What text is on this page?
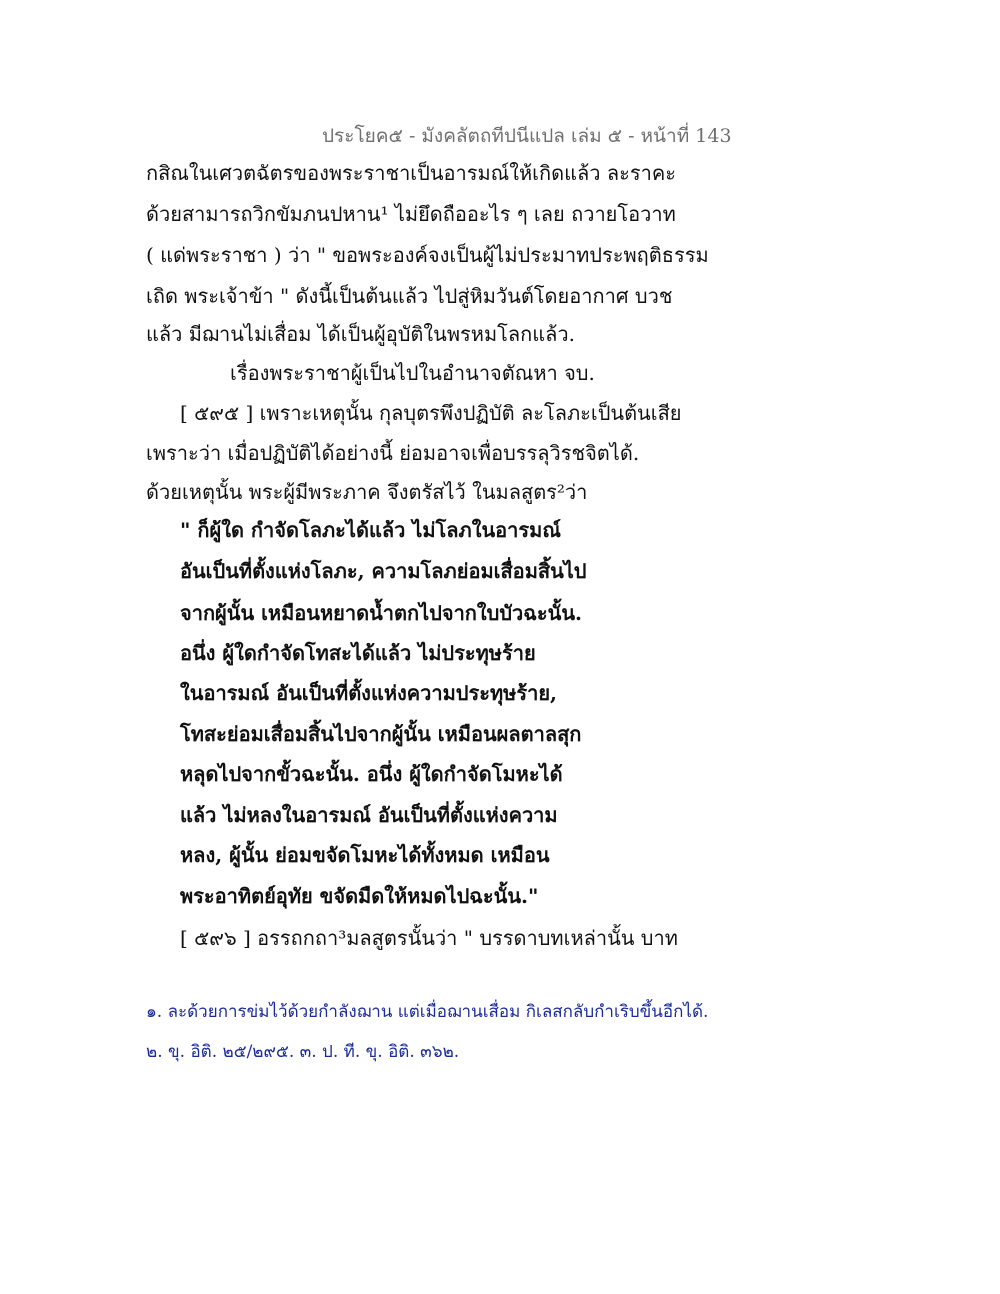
ประโยค๕ - มังคลัตถทีปนีแปล เล่ม ๕ - หน้าที่ 143
กสิณในเศวตฉัตรของพระราชาเป็นอารมณ์ให้เกิดแล้ว ละราคะ
ด้วยสามารถวิกขัมภนปหาน¹ ไม่ยึดถืออะไร ๆ เลย ถวายโอวาท
( แด่พระราชา ) ว่า " ขอพระองค์จงเป็นผู้ไม่ประมาทประพฤติธรรม
เถิด พระเจ้าข้า " ดังนี้เป็นต้นแล้ว ไปสู่หิมวันต์โดยอากาศ บวช
แล้ว มีฌานไม่เสื่อม ได้เป็นผู้อุบัติในพรหมโลกแล้ว.
เรื่องพระราชาผู้เป็นไปในอำนาจตัณหา จบ.
[ ๕๙๕ ] เพราะเหตุนั้น กุลบุตรพึงปฏิบัติ ละโลภะเป็นต้นเสีย
เพราะว่า เมื่อปฏิบัติได้อย่างนี้ ย่อมอาจเพื่อบรรลุวิรชจิตได้.
ด้วยเหตุนั้น พระผู้มีพระภาค จึงตรัสไว้ ในมลสูตร²ว่า
" ก็ผู้ใด กำจัดโลภะได้แล้ว ไม่โลภในอารมณ์
อันเป็นที่ตั้งแห่งโลภะ, ความโลภย่อมเสื่อมสิ้นไป
จากผู้นั้น เหมือนหยาดน้ำตกไปจากใบบัวฉะนั้น.
อนึ่ง ผู้ใดกำจัดโทสะได้แล้ว ไม่ประทุษร้าย
ในอารมณ์ อันเป็นที่ตั้งแห่งความประทุษร้าย,
โทสะย่อมเสื่อมสิ้นไปจากผู้นั้น เหมือนผลตาลสุก
หลุดไปจากขั้วฉะนั้น. อนึ่ง ผู้ใดกำจัดโมหะได้
แล้ว ไม่หลงในอารมณ์ อันเป็นที่ตั้งแห่งความ
หลง, ผู้นั้น ย่อมขจัดโมหะได้ทั้งหมด เหมือน
พระอาทิตย์อุทัย ขจัดมืดให้หมดไปฉะนั้น."
[ ๕๙๖ ] อรรถกถา³มลสูตรนั้นว่า " บรรดาบทเหล่านั้น บาท
๑. ละด้วยการข่มไว้ด้วยกำลังฌาน แต่เมื่อฌานเสื่อม กิเลสกลับกำเริบขึ้นอีกได้.
๒. ขุ. อิติ. ๒๕/๒๙๕. ๓. ป. ที. ขุ. อิติ. ๓๖๒.
